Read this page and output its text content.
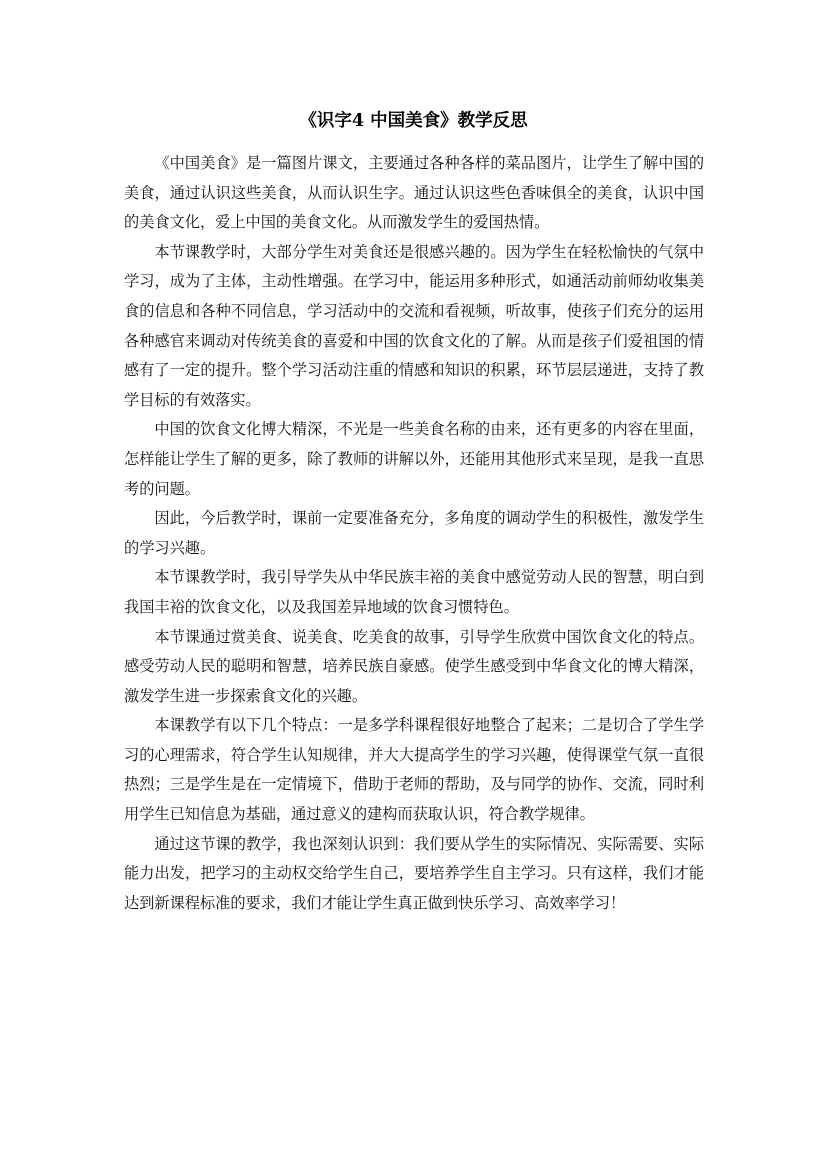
《识字4 中国美食》教学反思

《中国美食》是一篇图片课文，主要通过各种各样的菜品图片，让学生了解中国的美食，通过认识这些美食，从而认识生字。通过认识这些色香味俱全的美食，认识中国的美食文化，爱上中国的美食文化。从而激发学生的爱国热情。

本节课教学时，大部分学生对美食还是很感兴趣的。因为学生在轻松愉快的气氛中学习，成为了主体，主动性增强。在学习中，能运用多种形式，如通活动前师幼收集美食的信息和各种不同信息，学习活动中的交流和看视频，听故事，使孩子们充分的运用各种感官来调动对传统美食的喜爱和中国的饮食文化的了解。从而是孩子们爱祖国的情感有了一定的提升。整个学习活动注重的情感和知识的积累，环节层层递进，支持了教学目标的有效落实。

中国的饮食文化博大精深，不光是一些美食名称的由来，还有更多的内容在里面，怎样能让学生了解的更多，除了教师的讲解以外，还能用其他形式来呈现，是我一直思考的问题。

因此，今后教学时，课前一定要准备充分，多角度的调动学生的积极性，激发学生的学习兴趣。

本节课教学时，我引导学失从中华民族丰裕的美食中感觉劳动人民的智慧，明白到我国丰裕的饮食文化，以及我国差异地域的饮食习惯特色。

本节课通过赏美食、说美食、吃美食的故事，引导学生欣赏中国饮食文化的特点。感受劳动人民的聪明和智慧，培养民族自豪感。使学生感受到中华食文化的博大精深，激发学生进一步探索食文化的兴趣。

本课教学有以下几个特点：一是多学科课程很好地整合了起来；二是切合了学生学习的心理需求，符合学生认知规律，并大大提高学生的学习兴趣，使得课堂气氛一直很热烈；三是学生是在一定情境下，借助于老师的帮助，及与同学的协作、交流，同时利用学生已知信息为基础，通过意义的建构而获取认识，符合教学规律。

通过这节课的教学，我也深刻认识到：我们要从学生的实际情况、实际需要、实际能力出发，把学习的主动权交给学生自己，要培养学生自主学习。只有这样，我们才能达到新课程标准的要求，我们才能让学生真正做到快乐学习、高效率学习！
